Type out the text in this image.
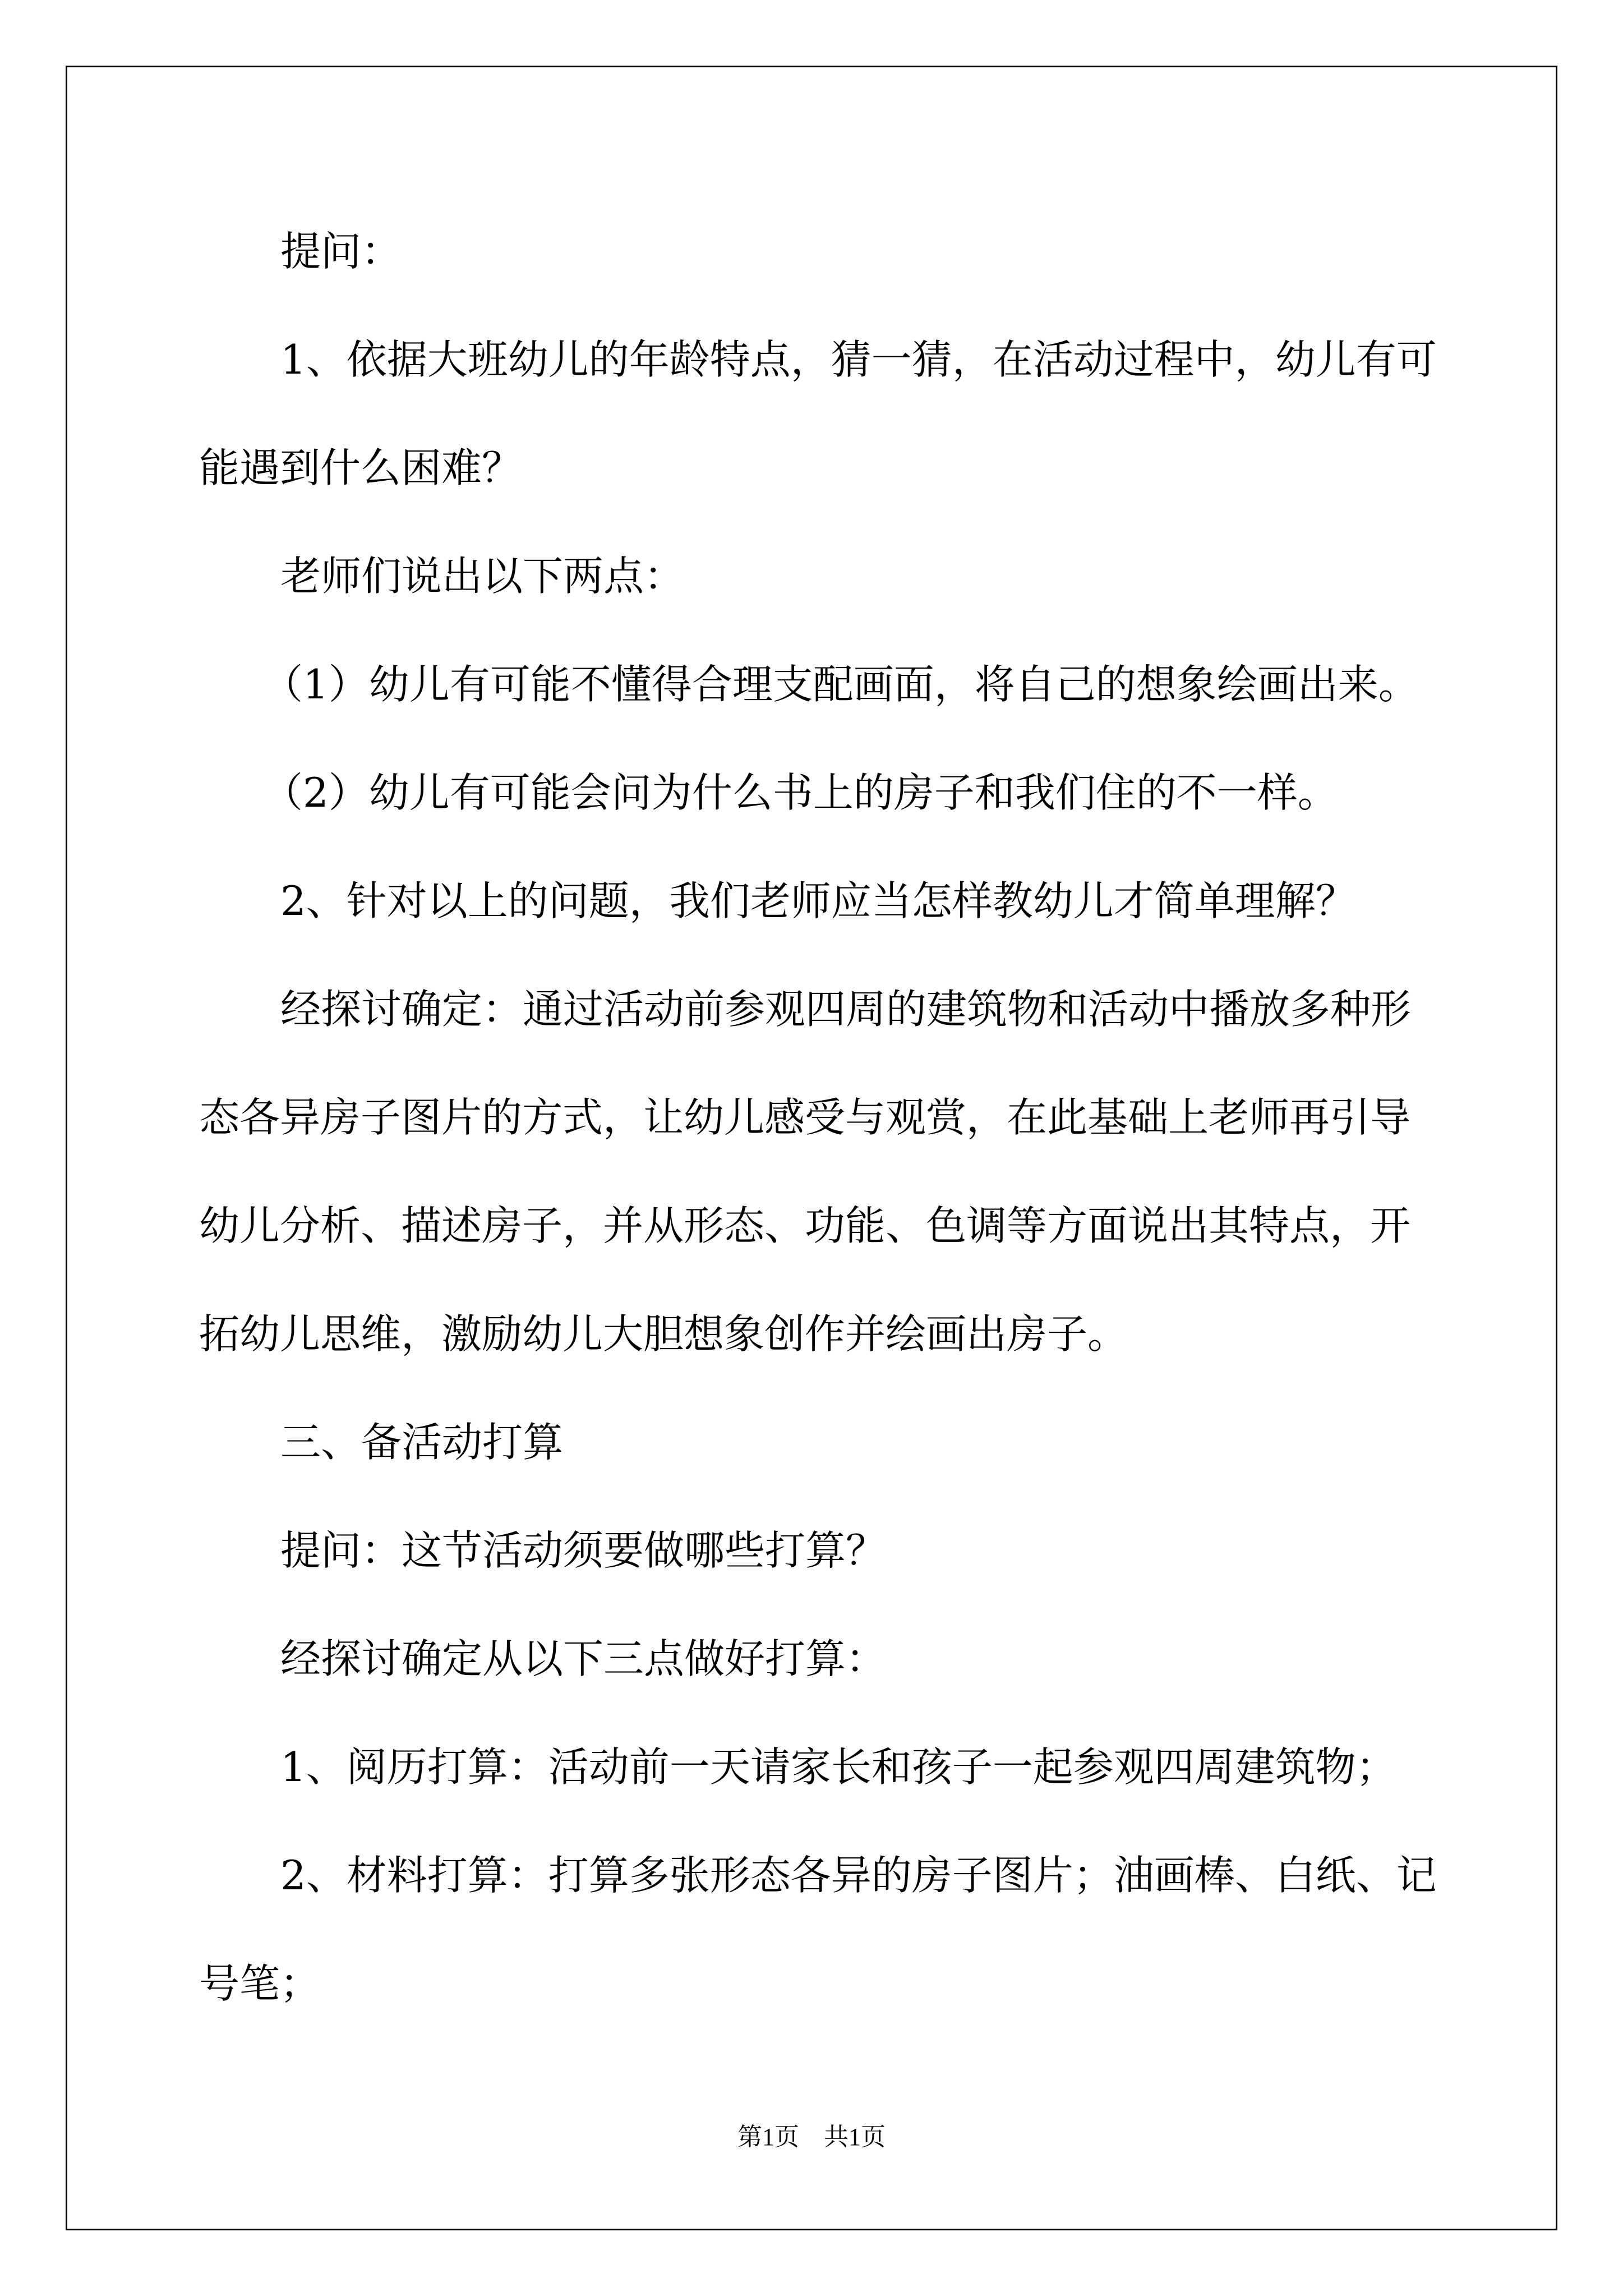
提问：
1、依据大班幼儿的年龄特点，猜一猜，在活动过程中，幼儿有可
能遇到什么困难？
老师们说出以下两点：
（1）幼儿有可能不懂得合理支配画面，将自己的想象绘画出来。
（2）幼儿有可能会问为什么书上的房子和我们住的不一样。
2、针对以上的问题，我们老师应当怎样教幼儿才简单理解？
经探讨确定：通过活动前参观四周的建筑物和活动中播放多种形
态各异房子图片的方式，让幼儿感受与观赏，在此基础上老师再引导
幼儿分析、描述房子，并从形态、功能、色调等方面说出其特点，开
拓幼儿思维，激励幼儿大胆想象创作并绘画出房子。
三、备活动打算
提问：这节活动须要做哪些打算？
经探讨确定从以下三点做好打算：
1、阅历打算：活动前一天请家长和孩子一起参观四周建筑物；
2、材料打算：打算多张形态各异的房子图片；油画棒、白纸、记
号笔；
第1页　共1页
